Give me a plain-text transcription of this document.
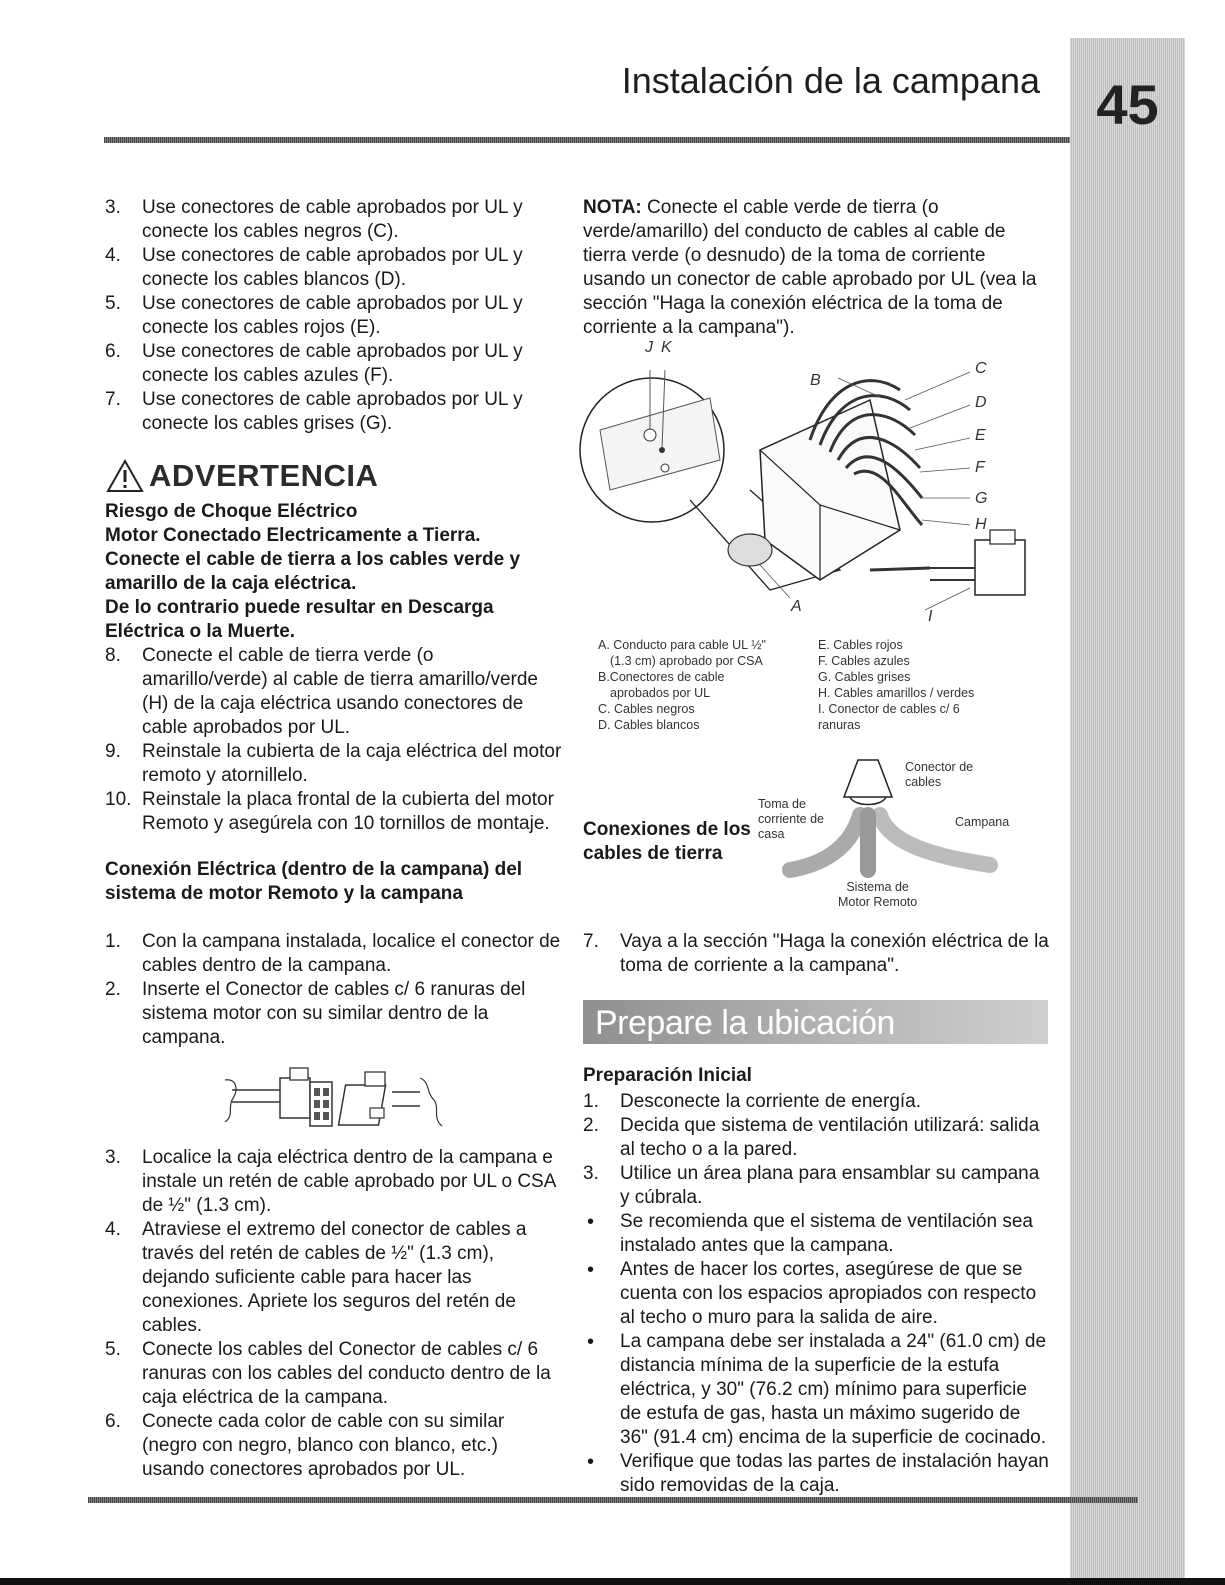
45
Instalación de la campana
3. Use conectores de cable aprobados por UL y conecte los cables negros (C).
4. Use conectores de cable aprobados por UL y conecte los cables blancos (D).
5. Use conectores de cable aprobados por UL y conecte los cables rojos (E).
6. Use conectores de cable aprobados por UL y conecte los cables azules (F).
7. Use conectores de cable aprobados por UL y conecte los cables grises (G).
ADVERTENCIA
Riesgo de Choque Eléctrico
Motor Conectado Electricamente a Tierra.
Conecte el cable de tierra a los cables verde y amarillo de la caja eléctrica.
De lo contrario puede resultar en Descarga Eléctrica o la Muerte.
8. Conecte el cable de tierra verde (o amarillo/verde) al cable de tierra amarillo/verde (H) de la caja eléctrica usando conectores de cable aprobados por UL.
9. Reinstale la cubierta de la caja eléctrica del motor remoto y atornillelo.
10. Reinstale la placa frontal de la cubierta del motor Remoto y asegúrela con 10 tornillos de montaje.
Conexión Eléctrica (dentro de la campana) del sistema de motor Remoto y la campana
1. Con la campana instalada, localice el conector de cables dentro de la campana.
2. Inserte el Conector de cables c/ 6 ranuras del sistema motor con su similar dentro de la campana.
3. Localice la caja eléctrica dentro de la campana e instale un retén de cable aprobado por UL o CSA de ½" (1.3 cm).
4. Atraviese el extremo del conector de cables a través del retén de cables de ½" (1.3 cm), dejando suficiente cable para hacer las conexiones. Apriete los seguros del retén de cables.
5. Conecte los cables del Conector de cables c/ 6 ranuras con los cables del conducto dentro de la caja eléctrica de la campana.
6. Conecte cada color de cable con su similar (negro con negro, blanco con blanco, etc.) usando conectores aprobados por UL.

NOTA: Conecte el cable verde de tierra (o verde/amarillo) del conducto de cables al cable de tierra verde (o desnudo) de la toma de corriente usando un conector de cable aprobado por UL (vea la sección "Haga la conexión eléctrica de la toma de corriente a la campana").

J K
B
C
D
E
F
G
H
A
I
A. Conducto para cable UL ½"
(1.3 cm) aprobado por CSA
B.Conectores de cable
aprobados por UL
C. Cables negros
D. Cables blancos
E. Cables rojos
F. Cables azules
G. Cables grises
H. Cables amarillos / verdes
I. Conector de cables c/ 6
ranuras
Conexiones de los
cables de tierra
Conector de
cables
Toma de
corriente de
casa
Campana
Sistema de
Motor Remoto
7. Vaya a la sección "Haga la conexión eléctrica de la toma de corriente a la campana".
Prepare la ubicación
Preparación Inicial
1. Desconecte la corriente de energía.
2. Decida que sistema de ventilación utilizará: salida al techo o a la pared.
3. Utilice un área plana para ensamblar su campana y cúbrala.
• Se recomienda que el sistema de ventilación sea instalado antes que la campana.
• Antes de hacer los cortes, asegúrese de que se cuenta con los espacios apropiados con respecto al techo o muro para la salida de aire.
• La campana debe ser instalada a 24" (61.0 cm) de distancia mínima de la superficie de la estufa eléctrica, y 30" (76.2 cm) mínimo para superficie de estufa de gas, hasta un máximo sugerido de 36" (91.4 cm) encima de la superficie de cocinado.
• Verifique que todas las partes de instalación hayan sido removidas de la caja.
